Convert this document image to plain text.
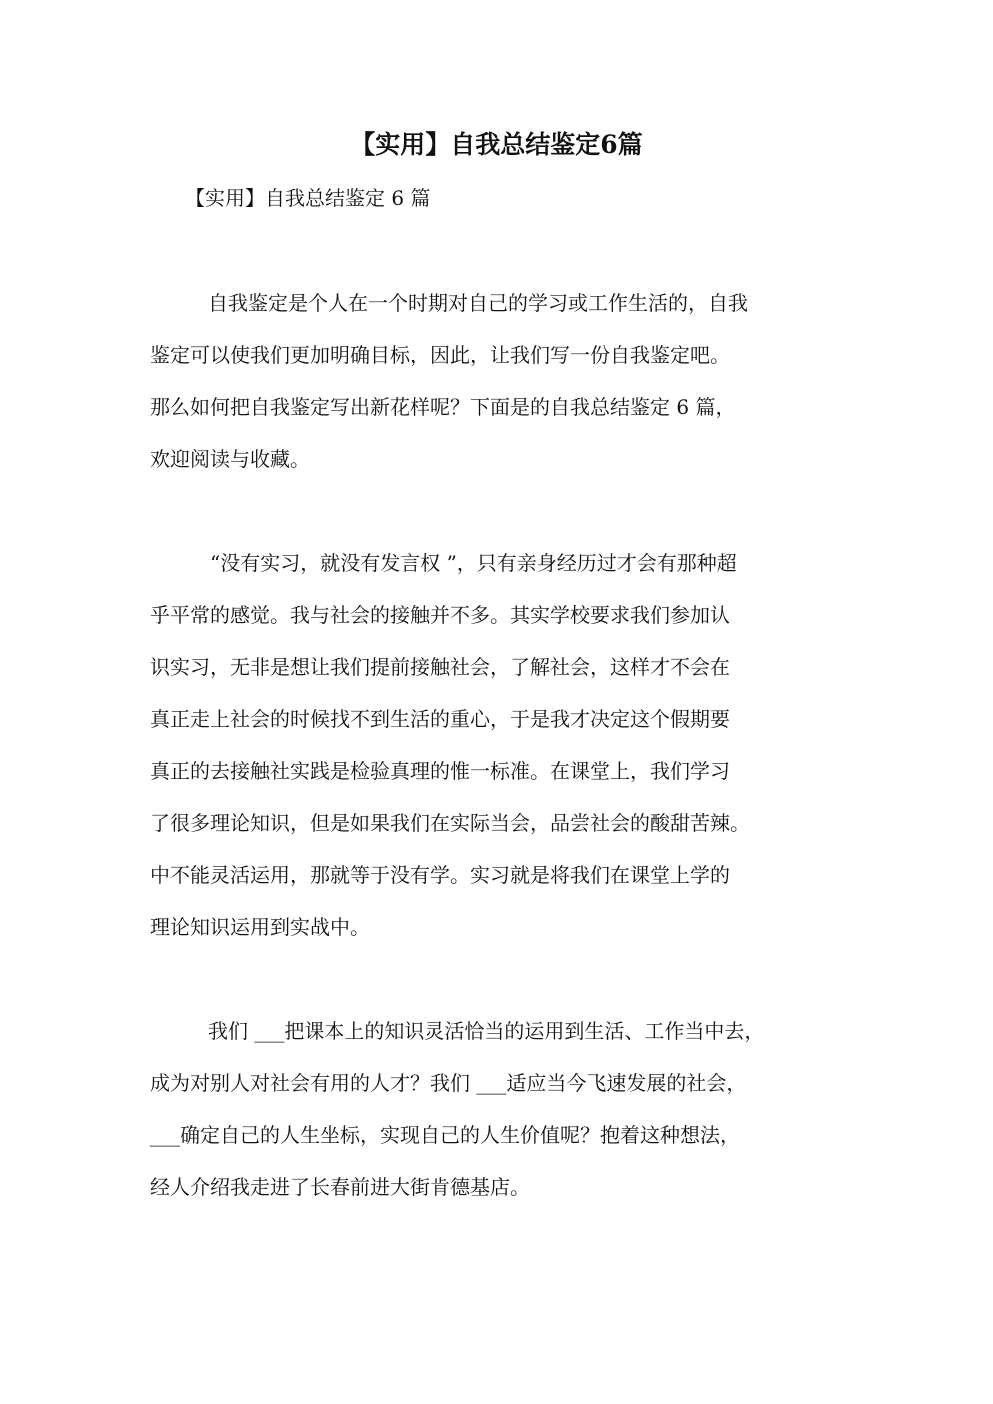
【实用】自我总结鉴定6篇
【实用】自我总结鉴定 6 篇
自我鉴定是个人在一个时期对自己的学习或工作生活的，自我
鉴定可以使我们更加明确目标，因此，让我们写一份自我鉴定吧。
那么如何把自我鉴定写出新花样呢？下面是的自我总结鉴定 6 篇，
欢迎阅读与收藏。
“没有实习，就没有发言权 ”，只有亲身经历过才会有那种超
乎平常的感觉。我与社会的接触并不多。其实学校要求我们参加认
识实习，无非是想让我们提前接触社会，了解社会，这样才不会在
真正走上社会的时候找不到生活的重心，于是我才决定这个假期要
真正的去接触社实践是检验真理的惟一标准。在课堂上，我们学习
了很多理论知识，但是如果我们在实际当会，品尝社会的酸甜苦辣。
中不能灵活运用，那就等于没有学。实习就是将我们在课堂上学的
理论知识运用到实战中。
我们 ___把课本上的知识灵活恰当的运用到生活、工作当中去，
成为对别人对社会有用的人才？我们 ___适应当今飞速发展的社会，
___确定自己的人生坐标，实现自己的人生价值呢？抱着这种想法，
经人介绍我走进了长春前进大街肯德基店。
